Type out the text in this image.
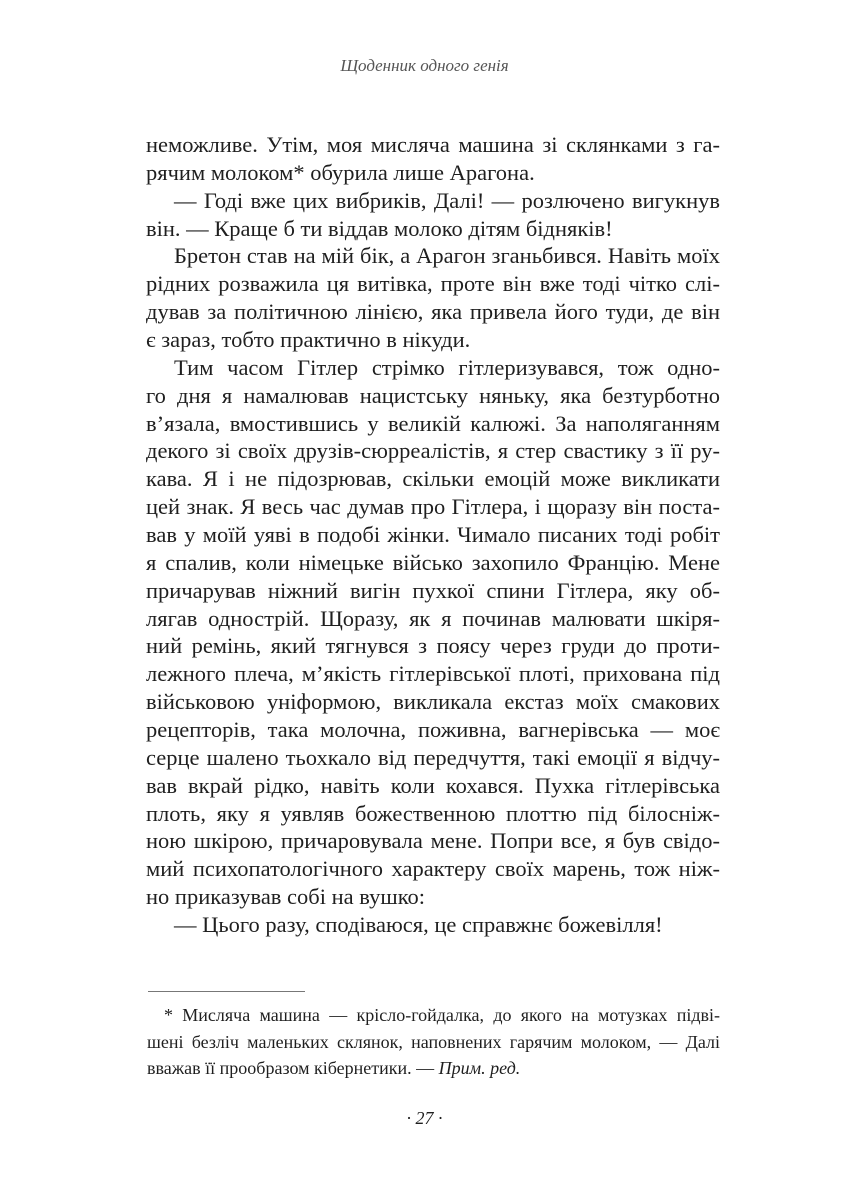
Щоденник одного генія
неможливе. Утім, моя мисляча машина зі склянками з га-
рячим молоком* обурила лише Арагона.
— Годі вже цих вибриків, Далі! — розлючено вигукнув
він. — Краще б ти віддав молоко дітям бідняків!
Бретон став на мій бік, а Арагон зганьбився. Навіть моїх
рідних розважила ця витівка, проте він вже тоді чітко слі-
дував за політичною лінією, яка привела його туди, де він
є зараз, тобто практично в нікуди.
Тим часом Гітлер стрімко гітлеризувався, тож одно-
го дня я намалював нацистську няньку, яка безтурботно
в’язала, вмостившись у великій калюжі. За наполяганням
декого зі своїх друзів-сюрреалістів, я стер свастику з її ру-
кава. Я і не підозрював, скільки емоцій може викликати
цей знак. Я весь час думав про Гітлера, і щоразу він поста-
вав у моїй уяві в подобі жінки. Чимало писаних тоді робіт
я спалив, коли німецьке військо захопило Францію. Мене
причарував ніжний вигін пухкої спини Гітлера, яку об-
лягав однострій. Щоразу, як я починав малювати шкіря-
ний ремінь, який тягнувся з поясу через груди до проти-
лежного плеча, м’якість гітлерівської плоті, прихована під
військовою уніформою, викликала екстаз моїх смакових
рецепторів, така молочна, поживна, вагнерівська — моє
серце шалено тьохкало від передчуття, такі емоції я відчу-
вав вкрай рідко, навіть коли кохався. Пухка гітлерівська
плоть, яку я уявляв божественною плоттю під білосніж-
ною шкірою, причаровувала мене. Попри все, я був свідо-
мий психопатологічного характеру своїх марень, тож ніж-
но приказував собі на вушко:
— Цього разу, сподіваюся, це справжнє божевілля!
* Мисляча машина — крісло-гойдалка, до якого на мотузках підві-
шені безліч маленьких склянок, наповнених гарячим молоком, — Далі
вважав її прообразом кібернетики. — Прим. ред.
· 27 ·
